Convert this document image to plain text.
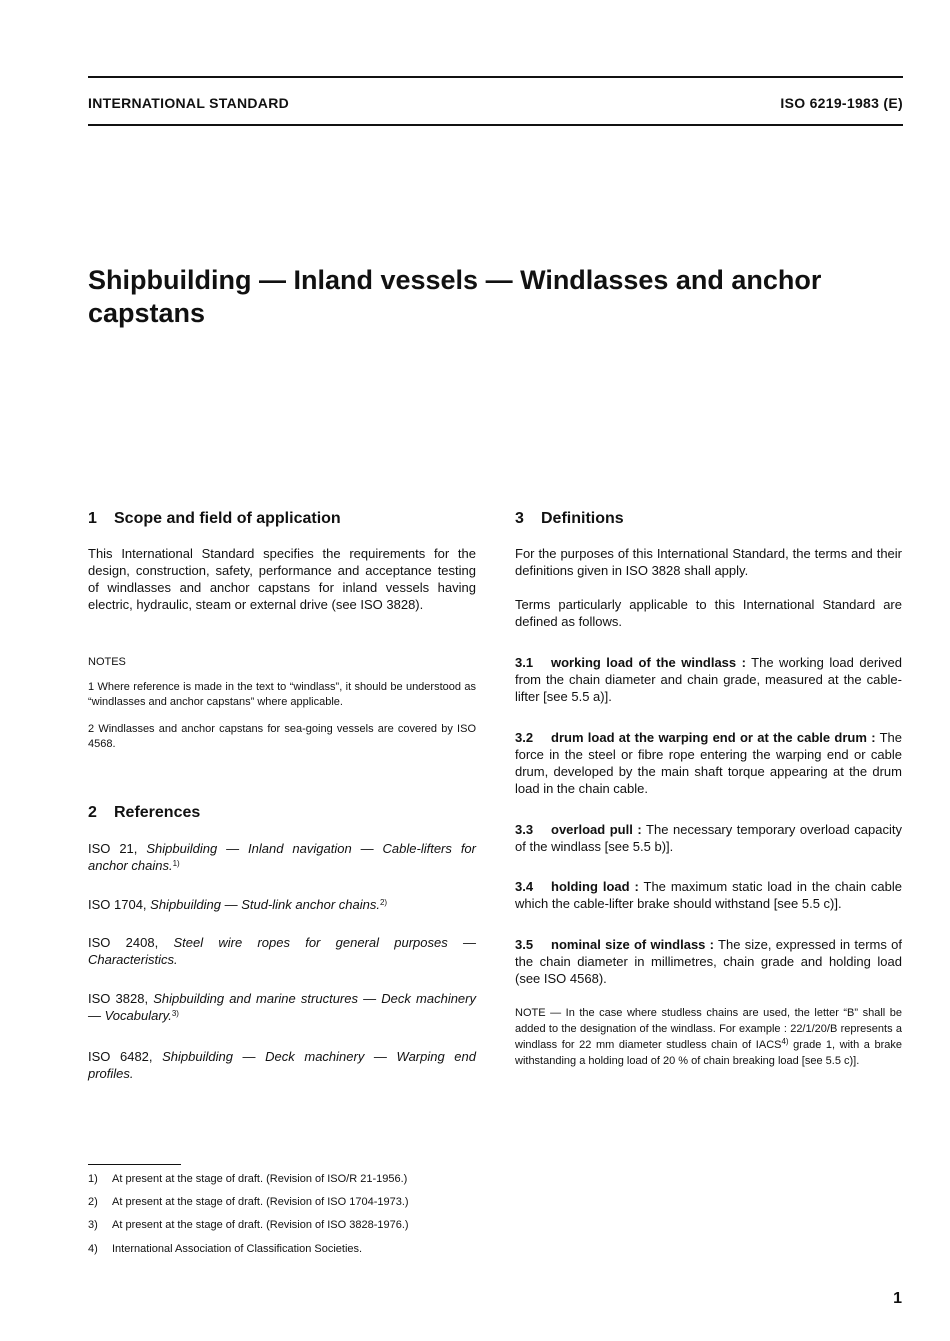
INTERNATIONAL STANDARD	ISO 6219-1983 (E)
Shipbuilding — Inland vessels — Windlasses and anchor capstans
1 Scope and field of application
This International Standard specifies the requirements for the design, construction, safety, performance and acceptance testing of windlasses and anchor capstans for inland vessels having electric, hydraulic, steam or external drive (see ISO 3828).
NOTES
1 Where reference is made in the text to “windlass”, it should be understood as “windlasses and anchor capstans” where applicable.
2 Windlasses and anchor capstans for sea-going vessels are covered by ISO 4568.
2 References
ISO 21, Shipbuilding — Inland navigation — Cable-lifters for anchor chains.$^{1)}$
ISO 1704, Shipbuilding — Stud-link anchor chains.$^{2)}$
ISO 2408, Steel wire ropes for general purposes — Characteristics.
ISO 3828, Shipbuilding and marine structures — Deck machinery — Vocabulary.$^{3)}$
ISO 6482, Shipbuilding — Deck machinery — Warping end profiles.
3 Definitions
For the purposes of this International Standard, the terms and their definitions given in ISO 3828 shall apply.
Terms particularly applicable to this International Standard are defined as follows.
3.1 working load of the windlass : The working load derived from the chain diameter and chain grade, measured at the cable-lifter [see 5.5 a)].
3.2 drum load at the warping end or at the cable drum : The force in the steel or fibre rope entering the warping end or cable drum, developed by the main shaft torque appearing at the drum load in the chain cable.
3.3 overload pull : The necessary temporary overload capacity of the windlass [see 5.5 b)].
3.4 holding load : The maximum static load in the chain cable which the cable-lifter brake should withstand [see 5.5 c)].
3.5 nominal size of windlass : The size, expressed in terms of the chain diameter in millimetres, chain grade and holding load (see ISO 4568).
NOTE — In the case where studless chains are used, the letter “B” shall be added to the designation of the windlass. For example : 22/1/20/B represents a windlass for 22 mm diameter studless chain of IACS$^{4)}$ grade 1, with a brake withstanding a holding load of 20 % of chain breaking load [see 5.5 c)].
1) At present at the stage of draft. (Revision of ISO/R 21-1956.)
2) At present at the stage of draft. (Revision of ISO 1704-1973.)
3) At present at the stage of draft. (Revision of ISO 3828-1976.)
4) International Association of Classification Societies.
1
